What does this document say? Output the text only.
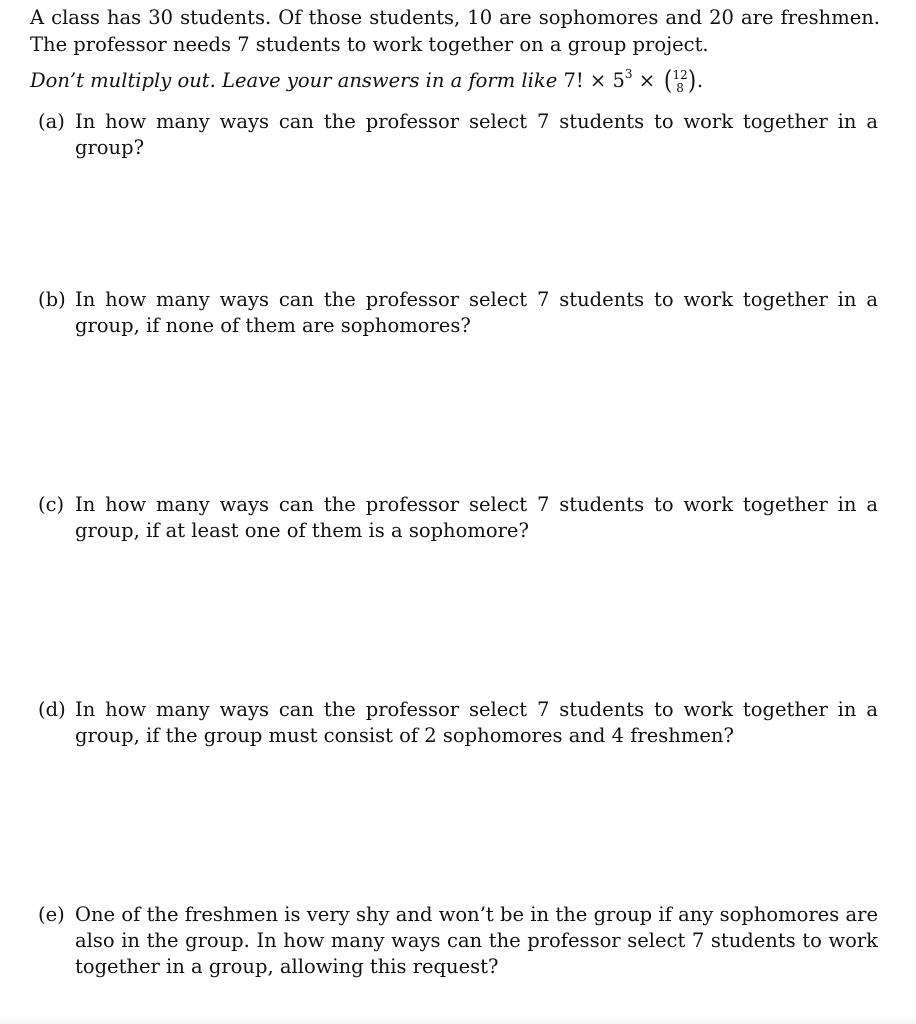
A class has 30 students. Of those students, 10 are sophomores and 20 are freshmen. The professor needs 7 students to work together on a group project.
Don’t multiply out. Leave your answers in a form like 7! × $5^3$ × ( 12
8 ).
(a) In how many ways can the professor select 7 students to work together in a group?
(b) In how many ways can the professor select 7 students to work together in a group, if none of them are sophomores?
(c) In how many ways can the professor select 7 students to work together in a group, if at least one of them is a sophomore?
(d) In how many ways can the professor select 7 students to work together in a group, if the group must consist of 2 sophomores and 4 freshmen?
(e) One of the freshmen is very shy and won’t be in the group if any sophomores are also in the group. In how many ways can the professor select 7 students to work together in a group, allowing this request?
